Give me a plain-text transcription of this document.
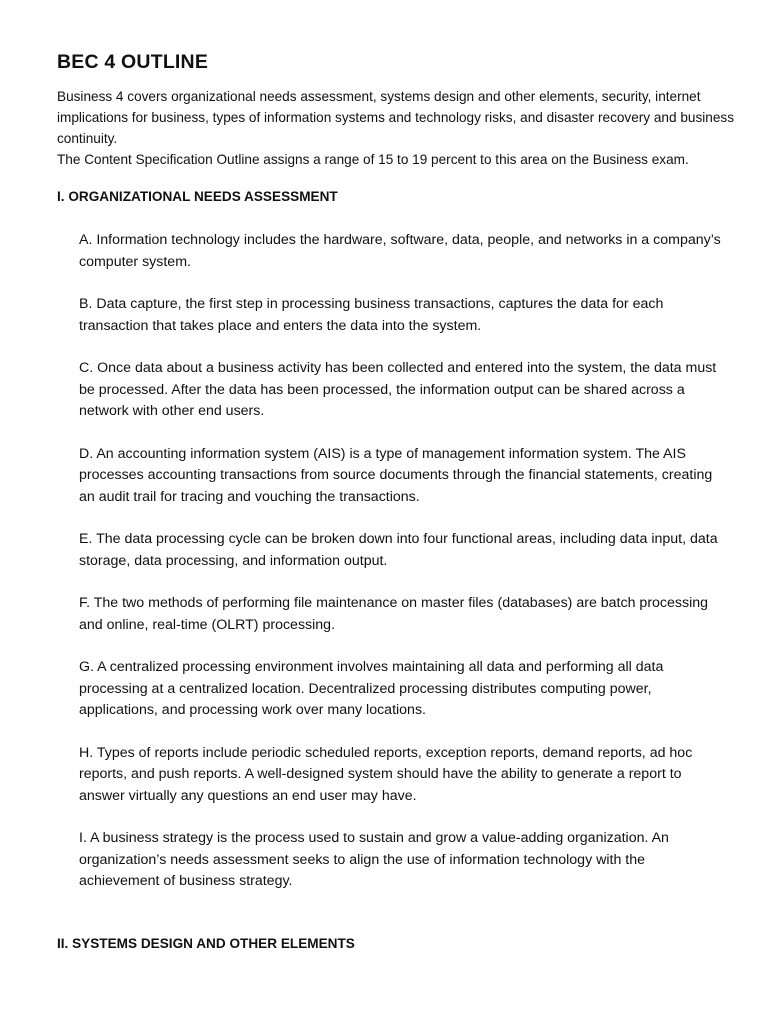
BEC 4 OUTLINE

Business 4 covers organizational needs assessment, systems design and other elements, security, internet implications for business, types of information systems and technology risks, and disaster recovery and business continuity.

The Content Specification Outline assigns a range of 15 to 19 percent to this area on the Business exam.

I. ORGANIZATIONAL NEEDS ASSESSMENT
A. Information technology includes the hardware, software, data, people, and networks in a company’s computer system.
B. Data capture, the first step in processing business transactions, captures the data for each transaction that takes place and enters the data into the system.
C. Once data about a business activity has been collected and entered into the system, the data must be processed. After the data has been processed, the information output can be shared across a network with other end users.
D. An accounting information system (AIS) is a type of management information system. The AIS processes accounting transactions from source documents through the financial statements, creating an audit trail for tracing and vouching the transactions.
E. The data processing cycle can be broken down into four functional areas, including data input, data storage, data processing, and information output.
F. The two methods of performing file maintenance on master files (databases) are batch processing and online, real-time (OLRT) processing.
G. A centralized processing environment involves maintaining all data and performing all data processing at a centralized location. Decentralized processing distributes computing power, applications, and processing work over many locations.
H. Types of reports include periodic scheduled reports, exception reports, demand reports, ad hoc reports, and push reports. A well-designed system should have the ability to generate a report to answer virtually any questions an end user may have.
I. A business strategy is the process used to sustain and grow a value-adding organization. An organization’s needs assessment seeks to align the use of information technology with the achievement of business strategy.
II. SYSTEMS DESIGN AND OTHER ELEMENTS
